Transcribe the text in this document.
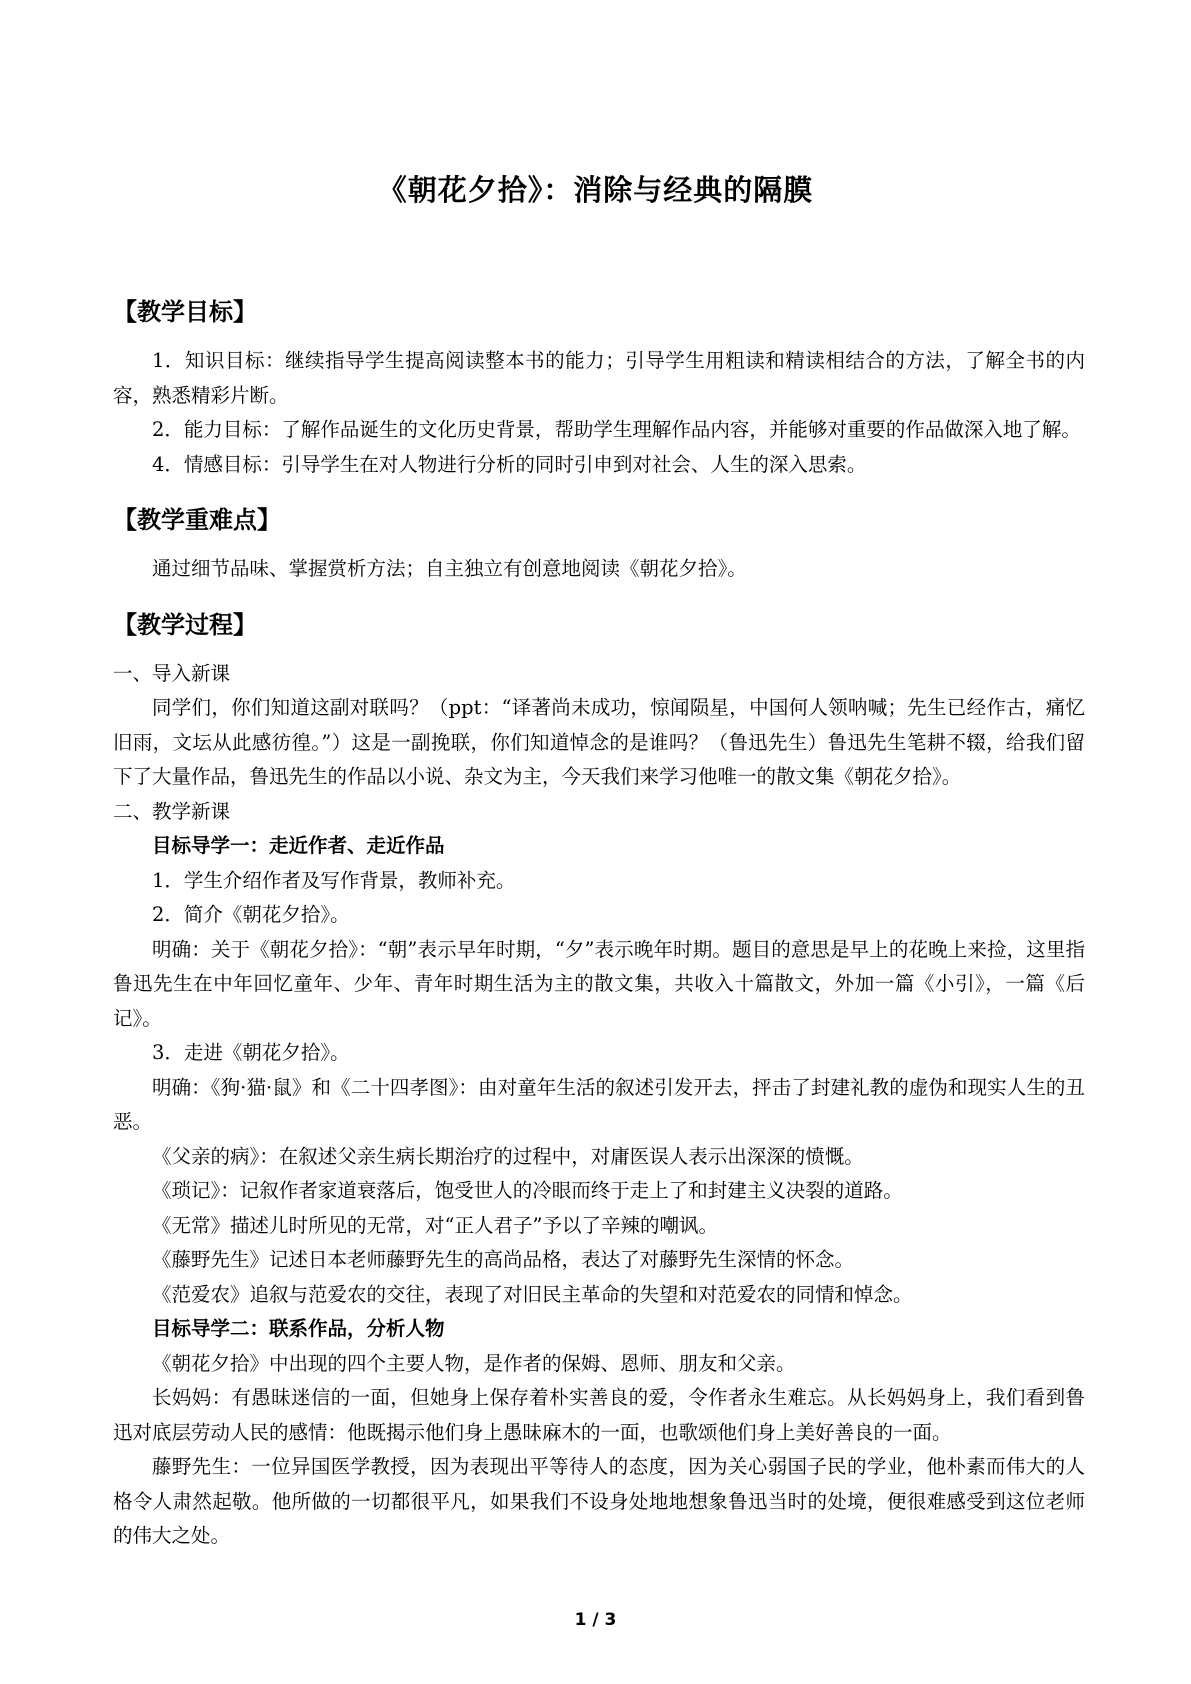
《朝花夕拾》：消除与经典的隔膜
【教学目标】

1．知识目标：继续指导学生提高阅读整本书的能力；引导学生用粗读和精读相结合的方法，了解全书的内容，熟悉精彩片断。

2．能力目标：了解作品诞生的文化历史背景，帮助学生理解作品内容，并能够对重要的作品做深入地了解。

4．情感目标：引导学生在对人物进行分析的同时引申到对社会、人生的深入思索。

【教学重难点】

通过细节品味、掌握赏析方法；自主独立有创意地阅读《朝花夕拾》。

【教学过程】

一、导入新课

同学们，你们知道这副对联吗？（ppt：“译著尚未成功，惊闻陨星，中国何人领呐喊；先生已经作古，痛忆旧雨，文坛从此感彷徨。”）这是一副挽联，你们知道悼念的是谁吗？（鲁迅先生）鲁迅先生笔耕不辍，给我们留下了大量作品，鲁迅先生的作品以小说、杂文为主，今天我们来学习他唯一的散文集《朝花夕拾》。

二、教学新课

目标导学一：走近作者、走近作品

1．学生介绍作者及写作背景，教师补充。

2．简介《朝花夕拾》。

明确：关于《朝花夕拾》：“朝”表示早年时期，“夕”表示晚年时期。题目的意思是早上的花晚上来捡，这里指鲁迅先生在中年回忆童年、少年、青年时期生活为主的散文集，共收入十篇散文，外加一篇《小引》，一篇《后记》。

3．走进《朝花夕拾》。

明确：《狗·猫·鼠》和《二十四孝图》：由对童年生活的叙述引发开去，抨击了封建礼教的虚伪和现实人生的丑恶。

《父亲的病》：在叙述父亲生病长期治疗的过程中，对庸医误人表示出深深的愤慨。

《琐记》：记叙作者家道衰落后，饱受世人的冷眼而终于走上了和封建主义决裂的道路。

《无常》描述儿时所见的无常，对“正人君子”予以了辛辣的嘲讽。

《藤野先生》记述日本老师藤野先生的高尚品格，表达了对藤野先生深情的怀念。

《范爱农》追叙与范爱农的交往，表现了对旧民主革命的失望和对范爱农的同情和悼念。

目标导学二：联系作品，分析人物

《朝花夕拾》中出现的四个主要人物，是作者的保姆、恩师、朋友和父亲。

长妈妈：有愚昧迷信的一面，但她身上保存着朴实善良的爱，令作者永生难忘。从长妈妈身上，我们看到鲁迅对底层劳动人民的感情：他既揭示他们身上愚昧麻木的一面，也歌颂他们身上美好善良的一面。

藤野先生：一位异国医学教授，因为表现出平等待人的态度，因为关心弱国子民的学业，他朴素而伟大的人格令人肃然起敬。他所做的一切都很平凡，如果我们不设身处地地想象鲁迅当时的处境，便很难感受到这位老师的伟大之处。

1 / 3
